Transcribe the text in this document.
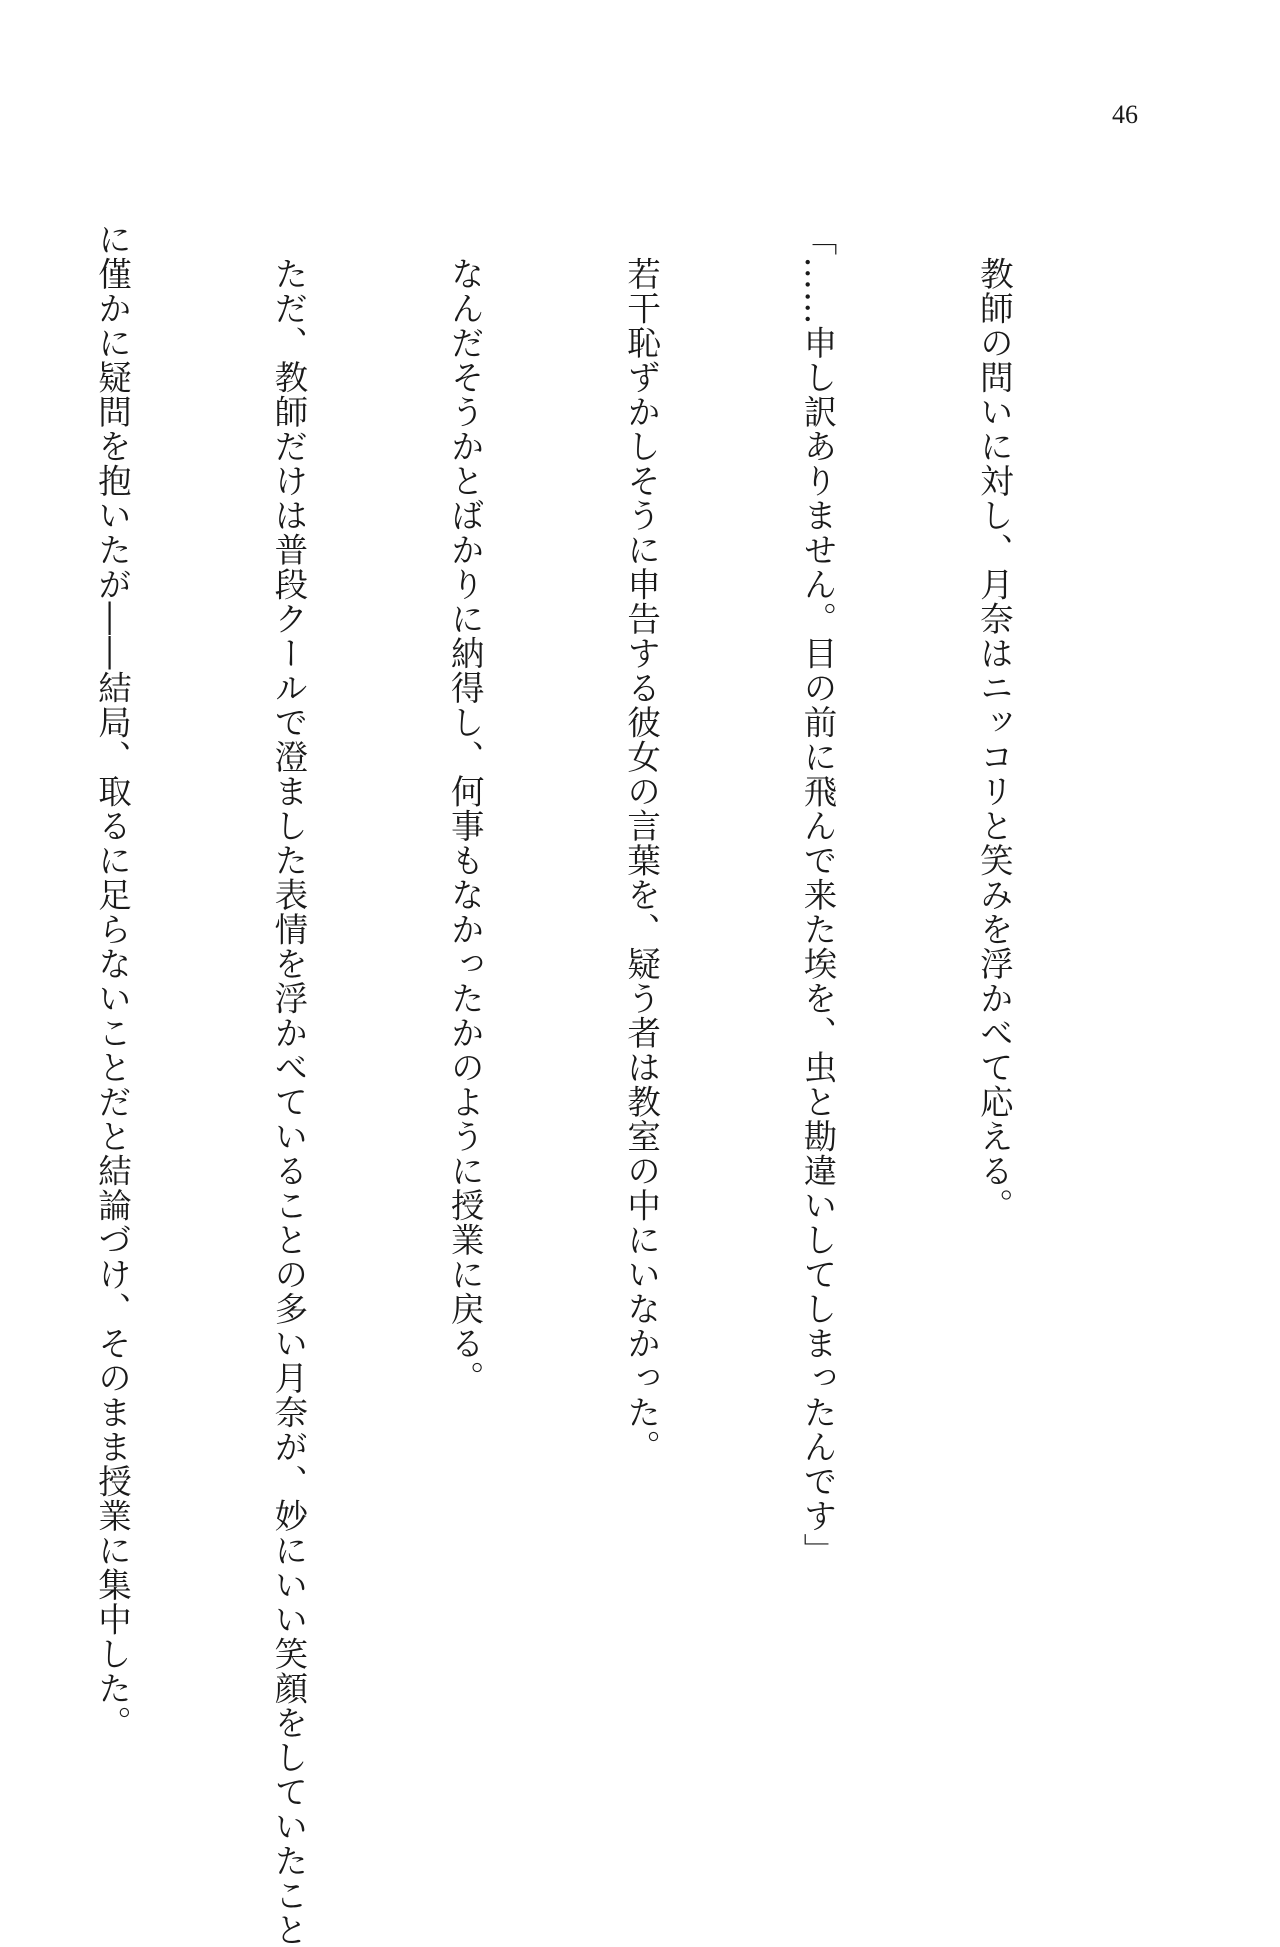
46

　教師の問いに対し、月奈はニッコリと笑みを浮かべて応える。

「……申し訳ありません。目の前に飛んで来た埃を、虫と勘違いしてしまったんです」

　若干恥ずかしそうに申告する彼女の言葉を、疑う者は教室の中にいなかった。

　なんだそうかとばかりに納得し、何事もなかったかのように授業に戻る。

　ただ、教師だけは普段クールで澄ました表情を浮かべていることの多い月奈が、妙にいい笑顔をしていたこと

に僅かに疑問を抱いたが――結局、取るに足らないことだと結論づけ、そのまま授業に集中した。
